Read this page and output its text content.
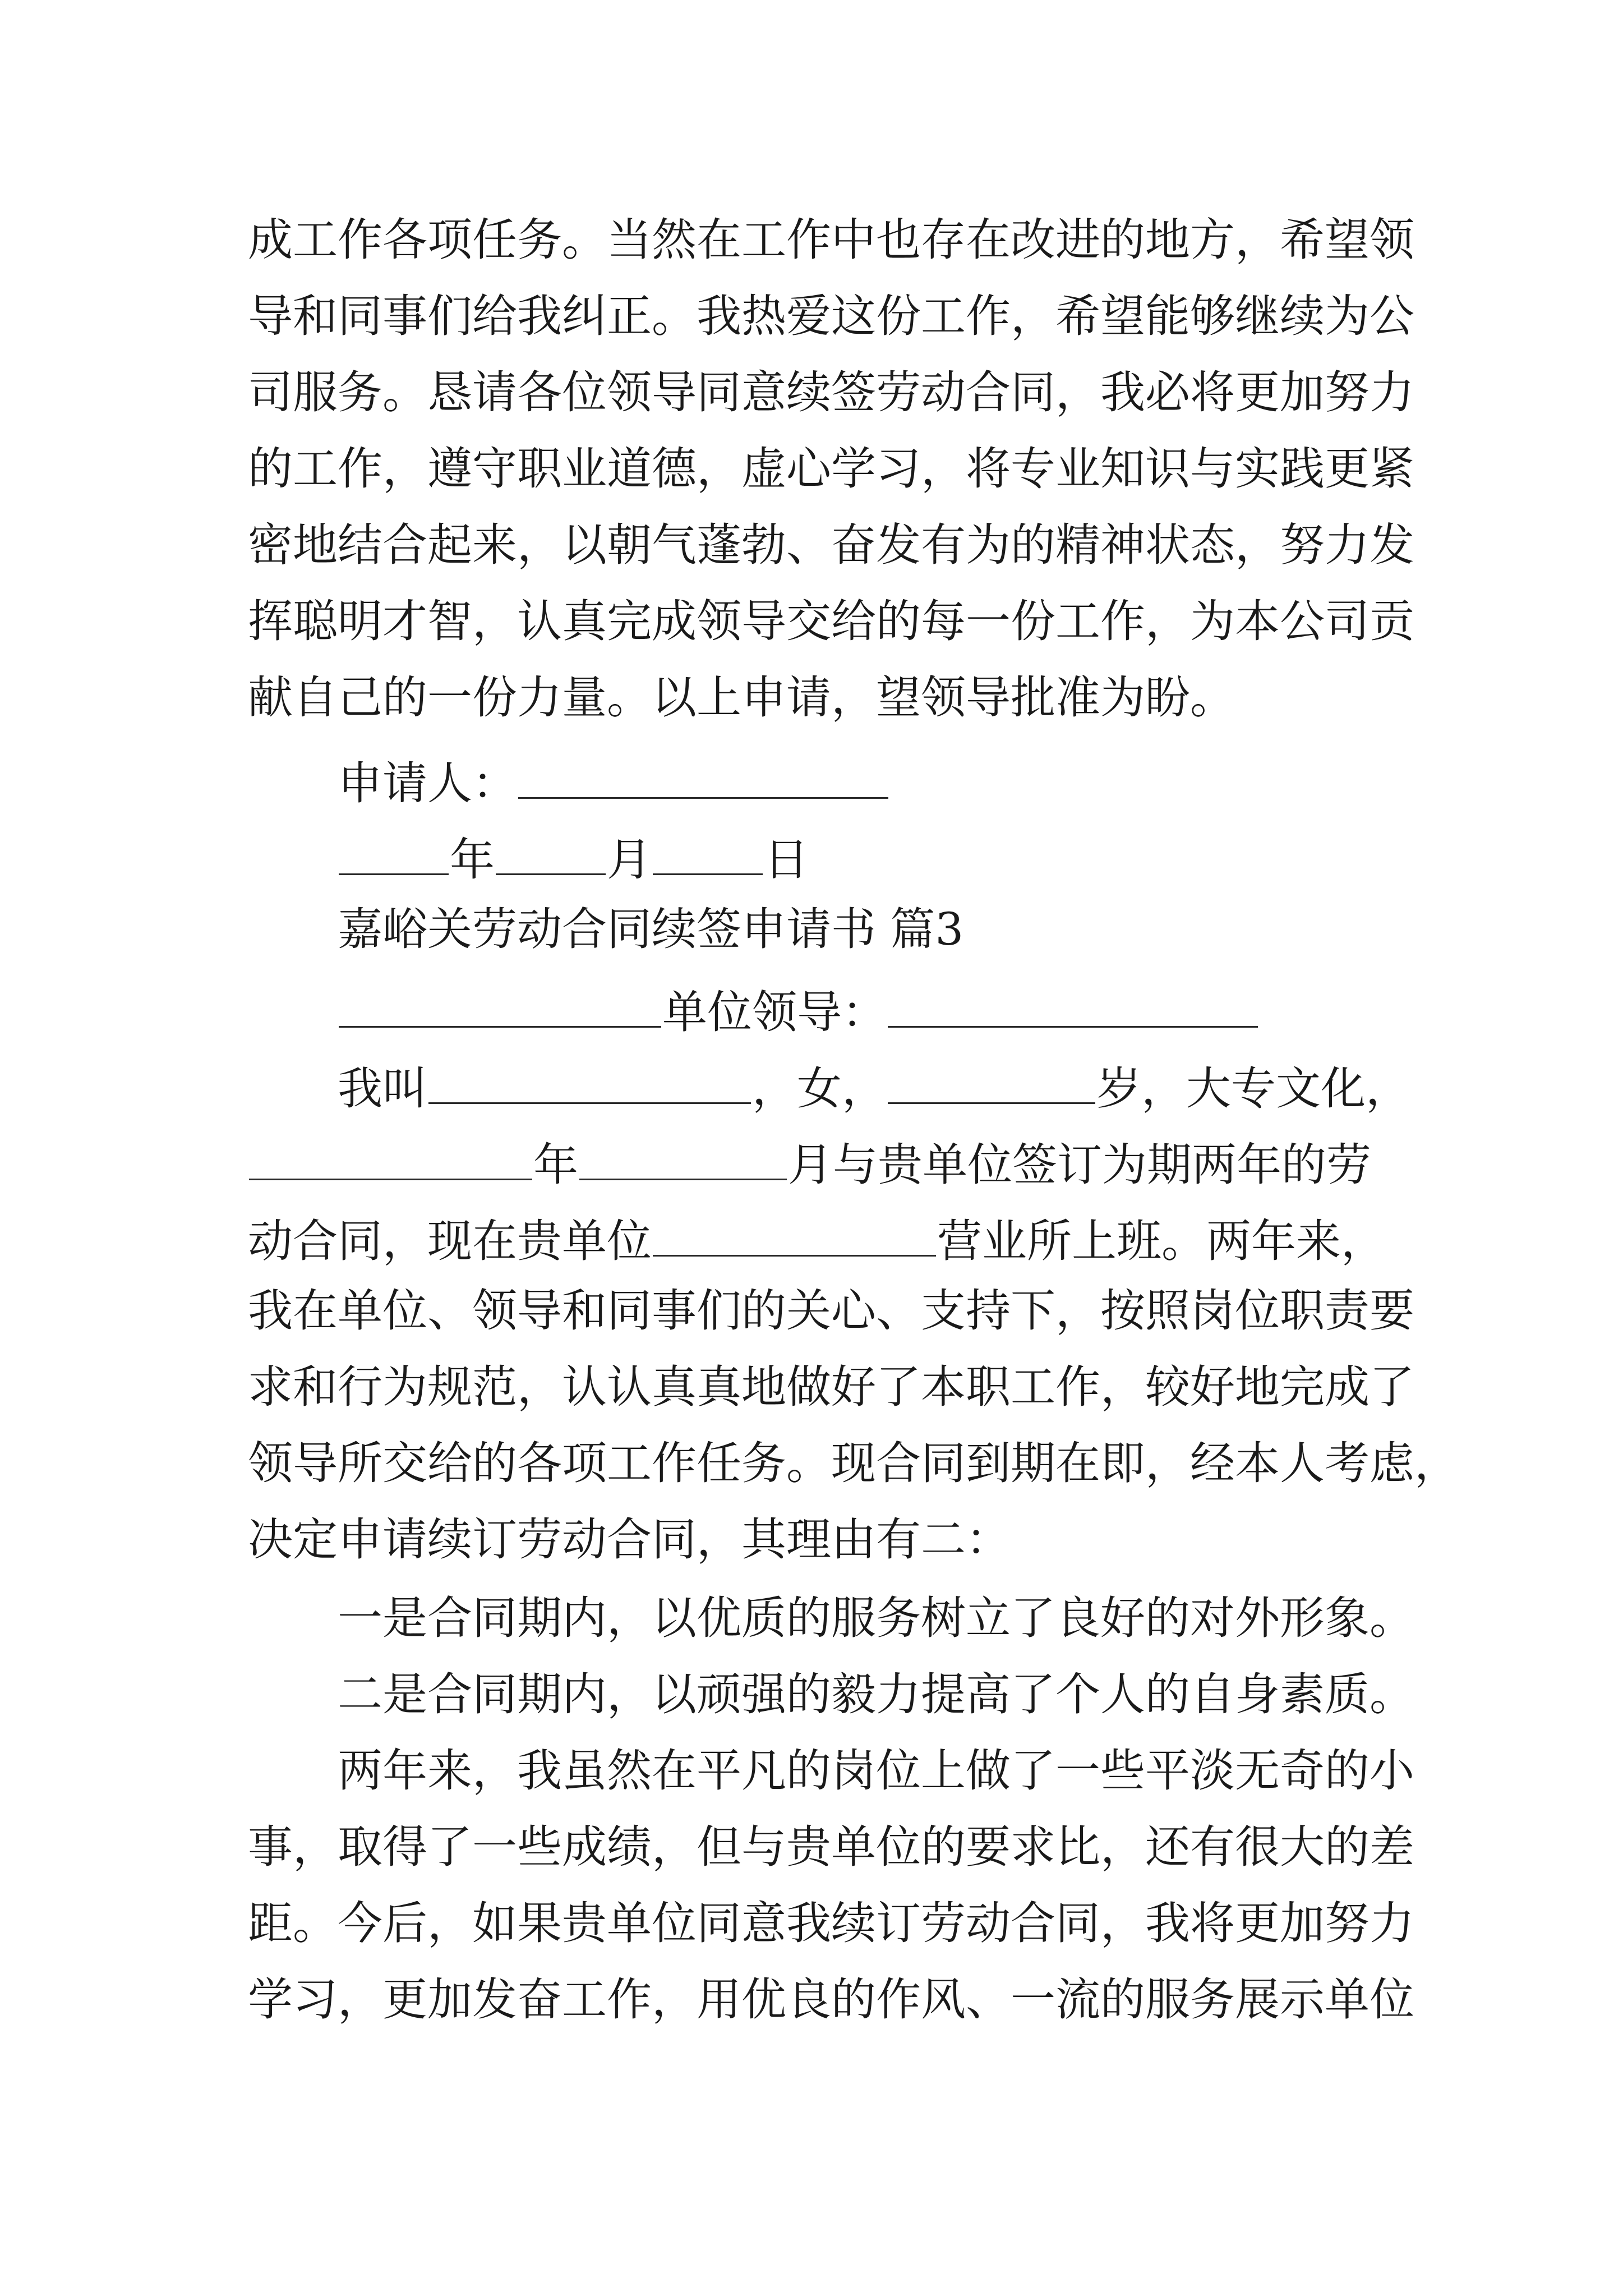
成工作各项任务。当然在工作中也存在改进的地方，希望领
导和同事们给我纠正。我热爱这份工作，希望能够继续为公
司服务。恳请各位领导同意续签劳动合同，我必将更加努力
的工作，遵守职业道德，虚心学习，将专业知识与实践更紧
密地结合起来，以朝气蓬勃、奋发有为的精神状态，努力发
挥聪明才智，认真完成领导交给的每一份工作，为本公司贡
献自己的一份力量。以上申请，望领导批准为盼。
申请人：
年	月	日
嘉峪关劳动合同续签申请书 篇3
单位领导：
我叫	，女，	岁，大专文化，
年	月与贵单位签订为期两年的劳
动合同，现在贵单位	营业所上班。两年来，
我在单位、领导和同事们的关心、支持下，按照岗位职责要
求和行为规范，认认真真地做好了本职工作，较好地完成了
领导所交给的各项工作任务。现合同到期在即，经本人考虑，
决定申请续订劳动合同，其理由有二：
一是合同期内，以优质的服务树立了良好的对外形象。
二是合同期内，以顽强的毅力提高了个人的自身素质。
两年来，我虽然在平凡的岗位上做了一些平淡无奇的小
事，取得了一些成绩，但与贵单位的要求比，还有很大的差
距。今后，如果贵单位同意我续订劳动合同，我将更加努力
学习，更加发奋工作，用优良的作风、一流的服务展示单位
